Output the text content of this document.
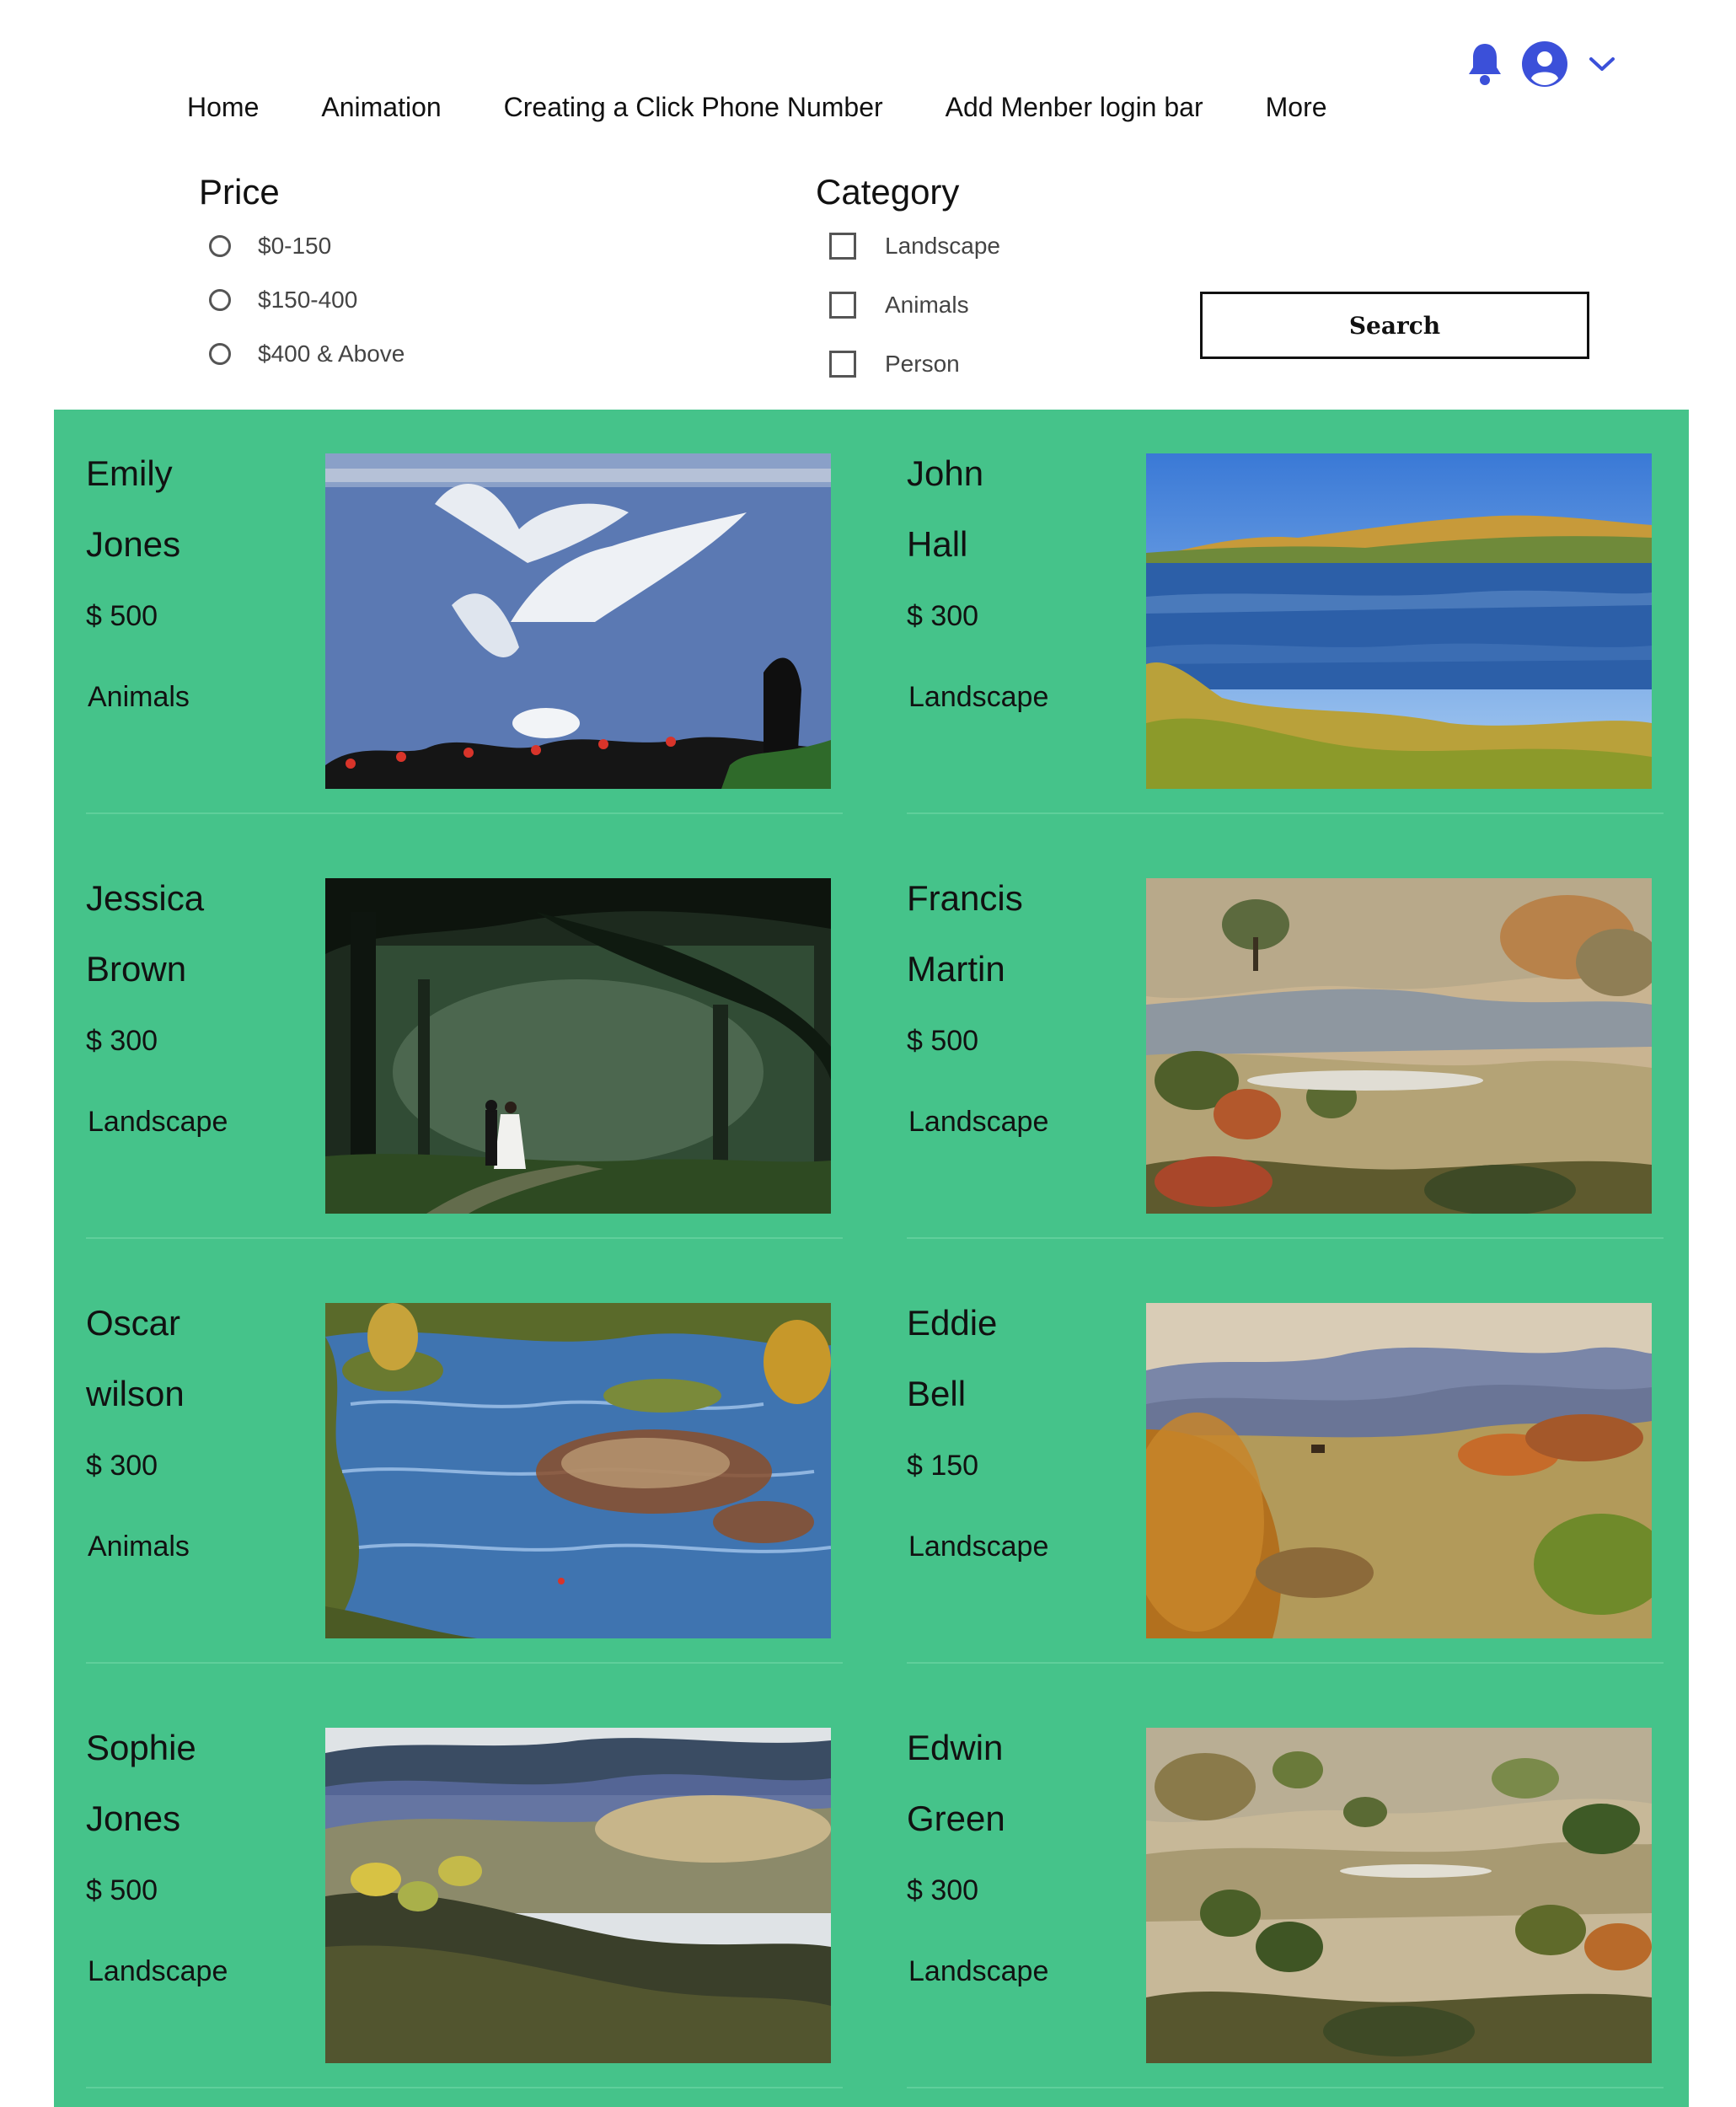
Home Animation Creating a Click Phone Number Add Menber login bar More
Price
$0-150
$150-400
$400 & Above
Category
Landscape
Animals
Person
Search
Emily
Jones
$ 500
Animals
John
Hall
$ 300
Landscape
Jessica
Brown
$ 300
Landscape
Francis
Martin
$ 500
Landscape
Oscar
wilson
$ 300
Animals
Eddie
Bell
$ 150
Landscape
Sophie
Jones
$ 500
Landscape
Edwin
Green
$ 300
Landscape
